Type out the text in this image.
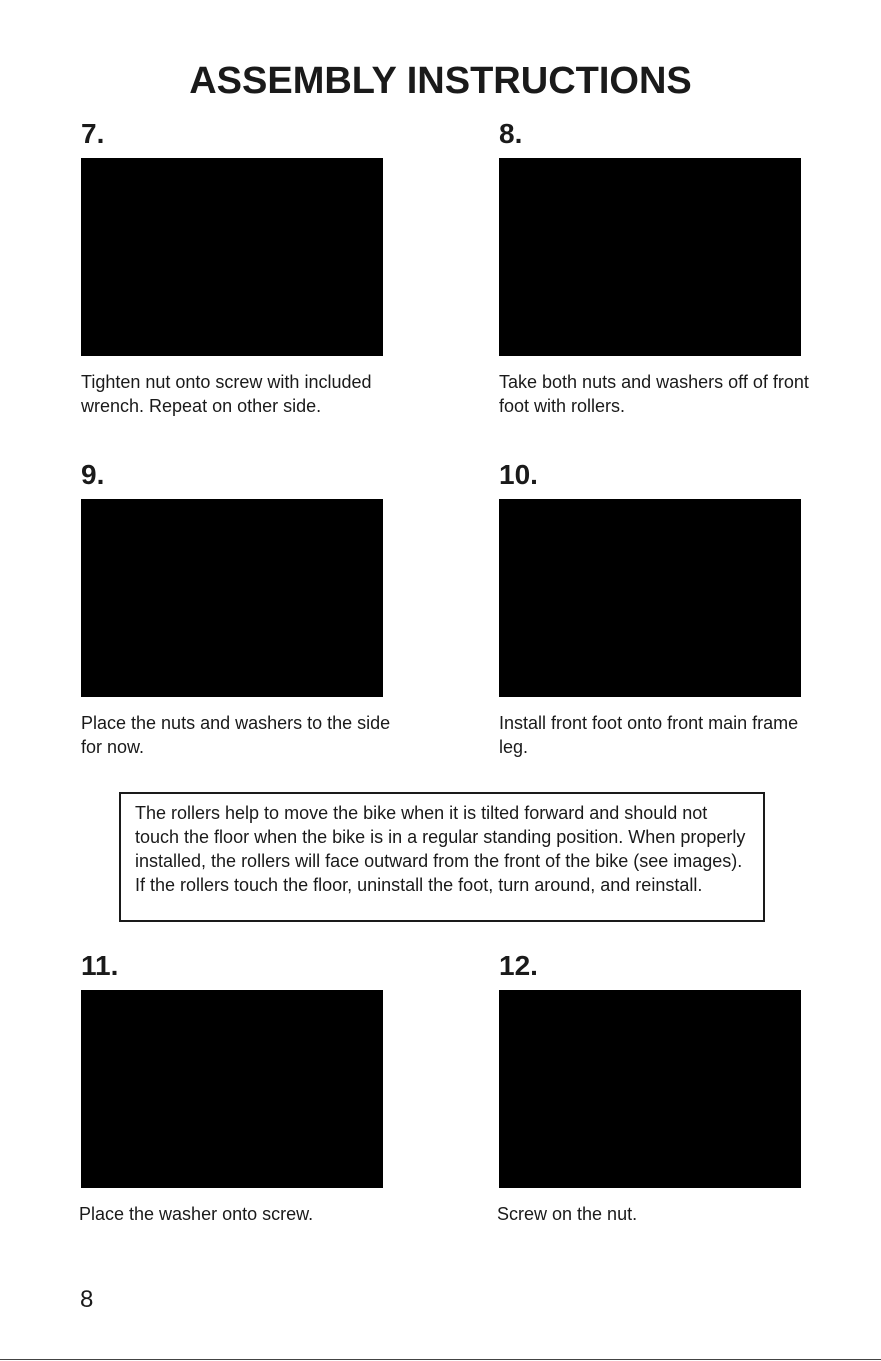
ASSEMBLY INSTRUCTIONS
7.
Tighten nut onto screw with included wrench. Repeat on other side.
8.
Take both nuts and washers off of front foot with rollers.
9.
Place the nuts and washers to the side for now.
10.
Install front foot onto front main frame leg.
The rollers help to move the bike when it is tilted forward and should not touch the floor when the bike is in a regular standing position. When properly installed, the rollers will face outward from the front of the bike (see images). If the rollers touch the floor, uninstall the foot, turn around, and reinstall.
11.
Place the washer onto screw.
12.
Screw on the nut.
8
